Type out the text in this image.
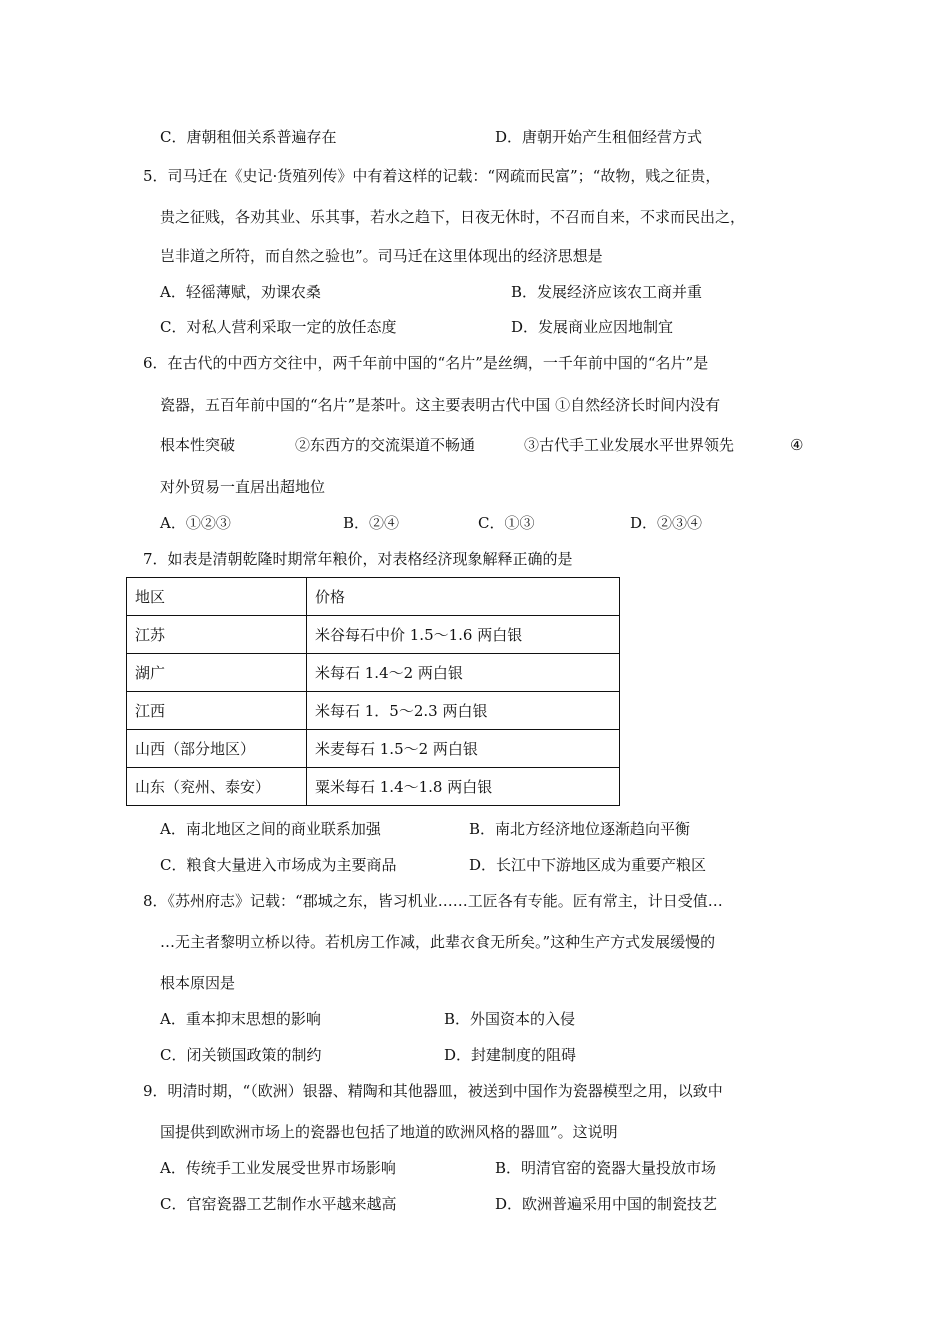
C．唐朝租佃关系普遍存在	D．唐朝开始产生租佃经营方式
5．司马迁在《史记·货殖列传》中有着这样的记载：“网疏而民富”；“故物，贱之征贵，
贵之征贱，各劝其业、乐其事，若水之趋下，日夜无休时，不召而自来，不求而民出之，
岂非道之所符，而自然之验也”。司马迁在这里体现出的经济思想是
A．轻徭薄赋，劝课农桑	B．发展经济应该农工商并重
C．对私人营利采取一定的放任态度	D．发展商业应因地制宜
6．在古代的中西方交往中，两千年前中国的“名片”是丝绸，一千年前中国的“名片”是
瓷器，五百年前中国的“名片”是茶叶。这主要表明古代中国 ①自然经济长时间内没有
根本性突破	②东西方的交流渠道不畅通	③古代手工业发展水平世界领先	④
对外贸易一直居出超地位
A．①②③	B．②④	C．①③	D．②③④
7．如表是清朝乾隆时期常年粮价，对表格经济现象解释正确的是
地区	价格
江苏	米谷每石中价 1.5～1.6 两白银
湖广	米每石 1.4～2 两白银
江西	米每石 1．5～2.3 两白银
山西（部分地区）	米麦每石 1.5～2 两白银
山东（兖州、泰安）	粟米每石 1.4～1.8 两白银
A．南北地区之间的商业联系加强	B．南北方经济地位逐渐趋向平衡
C．粮食大量进入市场成为主要商品	D．长江中下游地区成为重要产粮区
8．《苏州府志》记载：“郡城之东，皆习机业……工匠各有专能。匠有常主，计日受值…
…无主者黎明立桥以待。若机房工作减，此辈衣食无所矣。”这种生产方式发展缓慢的
根本原因是
A．重本抑末思想的影响	B．外国资本的入侵
C．闭关锁国政策的制约	D．封建制度的阻碍
9．明清时期，“（欧洲）银器、精陶和其他器皿，被送到中国作为瓷器模型之用，以致中
国提供到欧洲市场上的瓷器也包括了地道的欧洲风格的器皿”。这说明
A．传统手工业发展受世界市场影响	B．明清官窑的瓷器大量投放市场
C．官窑瓷器工艺制作水平越来越高	D．欧洲普遍采用中国的制瓷技艺
